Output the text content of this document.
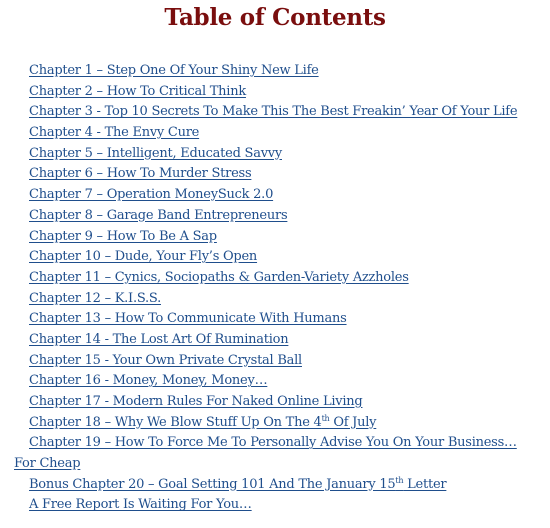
Table of Contents
Chapter 1 – Step One Of Your Shiny New Life
Chapter 2 – How To Critical Think
Chapter 3 - Top 10 Secrets To Make This The Best Freakin’ Year Of Your Life
Chapter 4 - The Envy Cure
Chapter 5 – Intelligent, Educated Savvy
Chapter 6 – How To Murder Stress
Chapter 7 – Operation MoneySuck 2.0
Chapter 8 – Garage Band Entrepreneurs
Chapter 9 – How To Be A Sap
Chapter 10 – Dude, Your Fly’s Open
Chapter 11 – Cynics, Sociopaths & Garden-Variety Azzholes
Chapter 12 – K.I.S.S.
Chapter 13 – How To Communicate With Humans
Chapter 14 - The Lost Art Of Rumination
Chapter 15 - Your Own Private Crystal Ball
Chapter 16 - Money, Money, Money…
Chapter 17 - Modern Rules For Naked Online Living
Chapter 18 – Why We Blow Stuff Up On The 4th Of July
Chapter 19 – How To Force Me To Personally Advise You On Your Business…
For Cheap
Bonus Chapter 20 – Goal Setting 101 And The January 15th Letter
A Free Report Is Waiting For You…
